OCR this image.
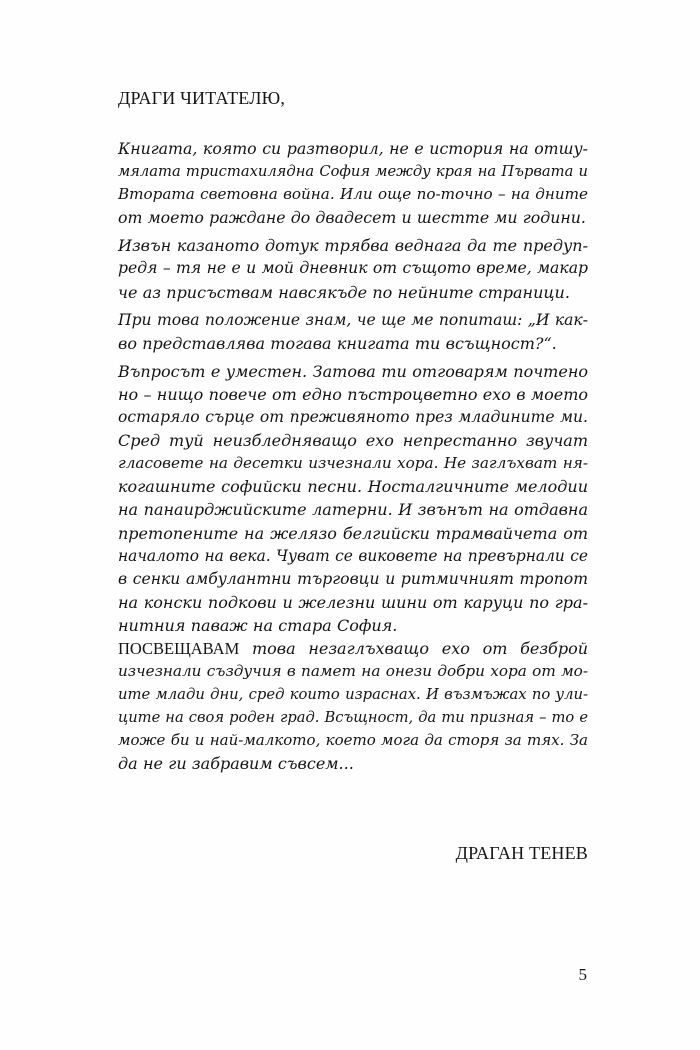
ДРАГИ ЧИТАТЕЛЮ,

Книгата, която си разтворил, не е история на отшу-
мялата тристахилядна София между края на Първата и
Втората световна война. Или още по-точно – на дните
от моето раждане до двадесет и шестте ми години.

Извън казаното дотук трябва веднага да те предуп-
редя – тя не е и мой дневник от същото време, макар
че аз присъствам навсякъде по нейните страници.

При това положение знам, че ще ме попиташ: „И как-
во представлява тогава книгата ти всъщност?“.

Въпросът е уместен. Затова ти отговарям почтено
но – нищо повече от едно пъстроцветно ехо в моето
остаряло сърце от преживяното през младините ми.
Сред туй неизбледняващо ехо непрестанно звучат
гласовете на десетки изчезнали хора. Не заглъхват ня-
когашните софийски песни. Носталгичните мелодии
на панаирджийските латерни. И звънът на отдавна
претопените на желязо белгийски трамвайчета от
началото на века. Чуват се виковете на превърнали се
в сенки амбулантни търговци и ритмичният тропот
на конски подкови и железни шини от каруци по гра-
нитния паваж на стара София.

ПОСВЕЩАВАМ това незаглъхващо ехо от безброй
изчезнали създучия в памет на онези добри хора от мо-
ите млади дни, сред които израснах. И възмъжах по ули-
ците на своя роден град. Всъщност, да ти призная – то е
може би и най-малкото, което мога да сторя за тях. За
да не ги забравим съвсем...

ДРАГАН ТЕНЕВ
5
